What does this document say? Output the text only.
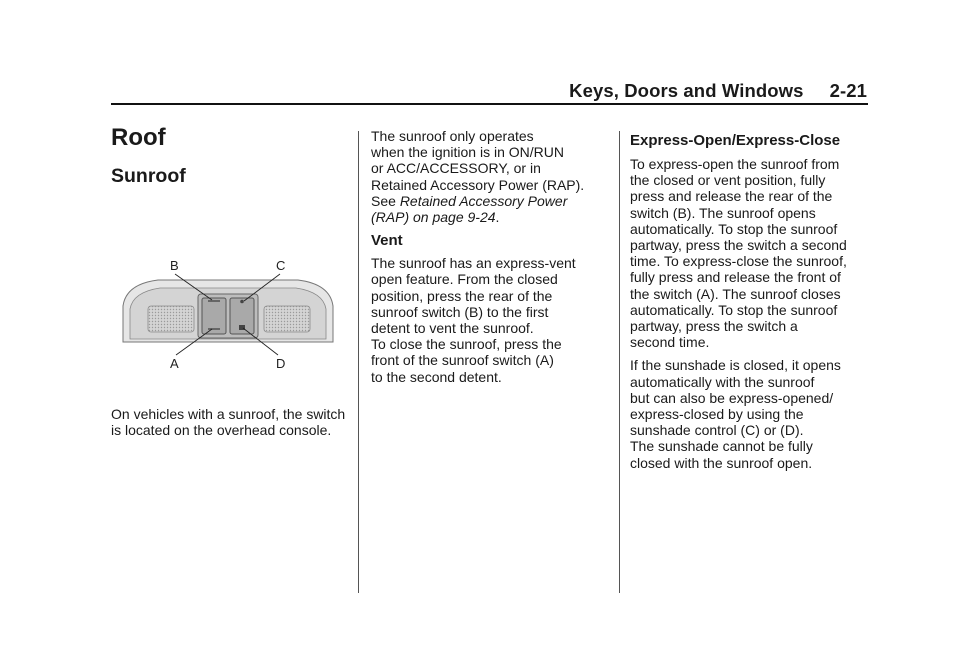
Keys, Doors and Windows 2-21
Roof
Sunroof
B	C
A	D

On vehicles with a sunroof, the switch is located on the overhead console.

The sunroof only operates
when the ignition is in ON/RUN
or ACC/ACCESSORY, or in
Retained Accessory Power (RAP).
See Retained Accessory Power
(RAP) on page 9-24.

Vent

The sunroof has an express-vent
open feature. From the closed
position, press the rear of the
sunroof switch (B) to the first
detent to vent the sunroof.

To close the sunroof, press the
front of the sunroof switch (A)
to the second detent.

Express-Open/Express-Close

To express-open the sunroof from
the closed or vent position, fully
press and release the rear of the
switch (B). The sunroof opens
automatically. To stop the sunroof
partway, press the switch a second
time. To express-close the sunroof,
fully press and release the front of
the switch (A). The sunroof closes
automatically. To stop the sunroof
partway, press the switch a
second time.

If the sunshade is closed, it opens
automatically with the sunroof
but can also be express-opened/
express-closed by using the
sunshade control (C) or (D).
The sunshade cannot be fully
closed with the sunroof open.
